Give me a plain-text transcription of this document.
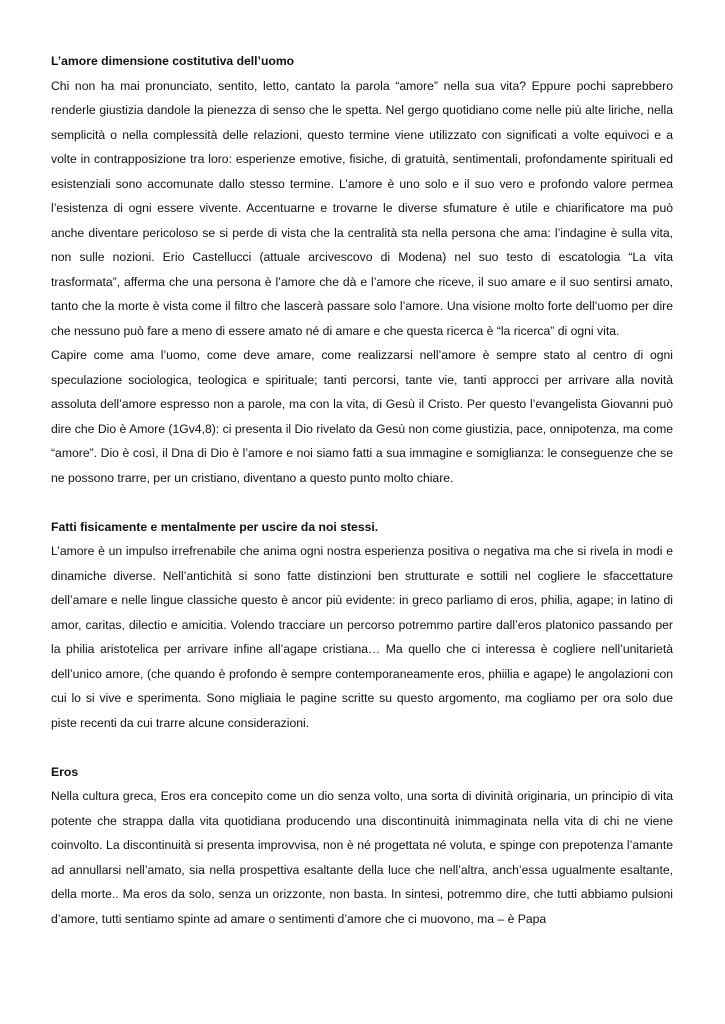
L’amore dimensione costitutiva dell’uomo

Chi non ha mai pronunciato, sentito, letto, cantato la parola “amore” nella sua vita? Eppure pochi saprebbero renderle giustizia dandole la pienezza di senso che le spetta. Nel gergo quotidiano come nelle più alte liriche, nella semplicità o nella complessità delle relazioni, questo termine viene utilizzato con significati a volte equivoci e a volte in contrapposizione tra loro: esperienze emotive, fisiche, di gratuità, sentimentali, profondamente spirituali ed esistenziali sono accomunate dallo stesso termine. L’amore è uno solo e il suo vero e profondo valore permea l’esistenza di ogni essere vivente. Accentuarne e trovarne le diverse sfumature è utile e chiarificatore ma può anche diventare pericoloso se si perde di vista che la centralità sta nella persona che ama: l’indagine è sulla vita, non sulle nozioni. Erio Castellucci (attuale arcivescovo di Modena) nel suo testo di escatologia “La vita trasformata”, afferma che una persona è l’amore che dà e l’amore che riceve, il suo amare e il suo sentirsi amato, tanto che la morte è vista come il filtro che lascerà passare solo l’amore. Una visione molto forte dell’uomo per dire che nessuno può fare a meno di essere amato né di amare e che questa ricerca è “la ricerca” di ogni vita.

Capire come ama l’uomo, come deve amare, come realizzarsi nell’amore è sempre stato al centro di ogni speculazione sociologica, teologica e spirituale; tanti percorsi, tante vie, tanti approcci per arrivare alla novità assoluta dell’amore espresso non a parole, ma con la vita, di Gesù il Cristo. Per questo l’evangelista Giovanni può dire che Dio è Amore (1Gv4,8): ci presenta il Dio rivelato da Gesù non come giustizia, pace, onnipotenza, ma come “amore”. Dio è così, il Dna di Dio è l’amore e noi siamo fatti a sua immagine e somiglianza: le conseguenze che se ne possono trarre, per un cristiano, diventano a questo punto molto chiare.

Fatti fisicamente e mentalmente per uscire da noi stessi.

L’amore è un impulso irrefrenabile che anima ogni nostra esperienza positiva o negativa ma che si rivela in modi e dinamiche diverse. Nell’antichità si sono fatte distinzioni ben strutturate e sottili nel cogliere le sfaccettature dell’amare e nelle lingue classiche questo è ancor più evidente: in greco parliamo di eros, philia, agape; in latino di amor, caritas, dilectio e amicitia. Volendo tracciare un percorso potremmo partire dall’eros platonico passando per la philia aristotelica per arrivare infine all’agape cristiana… Ma quello che ci interessa è cogliere nell’unitarietà dell’unico amore, (che quando è profondo è sempre contemporaneamente eros, phiilia e agape) le angolazioni con cui lo si vive e sperimenta. Sono migliaia le pagine scritte su questo argomento, ma cogliamo per ora solo due piste recenti da cui trarre alcune considerazioni.

Eros

Nella cultura greca, Eros era concepito come un dio senza volto, una sorta di divinità originaria, un principio di vita potente che strappa dalla vita quotidiana producendo una discontinuità inimmaginata nella vita di chi ne viene coinvolto. La discontinuità si presenta improvvisa, non è né progettata né voluta, e spinge con prepotenza l’amante ad annullarsi nell’amato, sia nella prospettiva esaltante della luce che nell’altra, anch’essa ugualmente esaltante, della morte.. Ma eros da solo, senza un orizzonte, non basta. In sintesi, potremmo dire, che tutti abbiamo pulsioni d’amore, tutti sentiamo spinte ad amare o sentimenti d’amore che ci muovono, ma – è Papa
